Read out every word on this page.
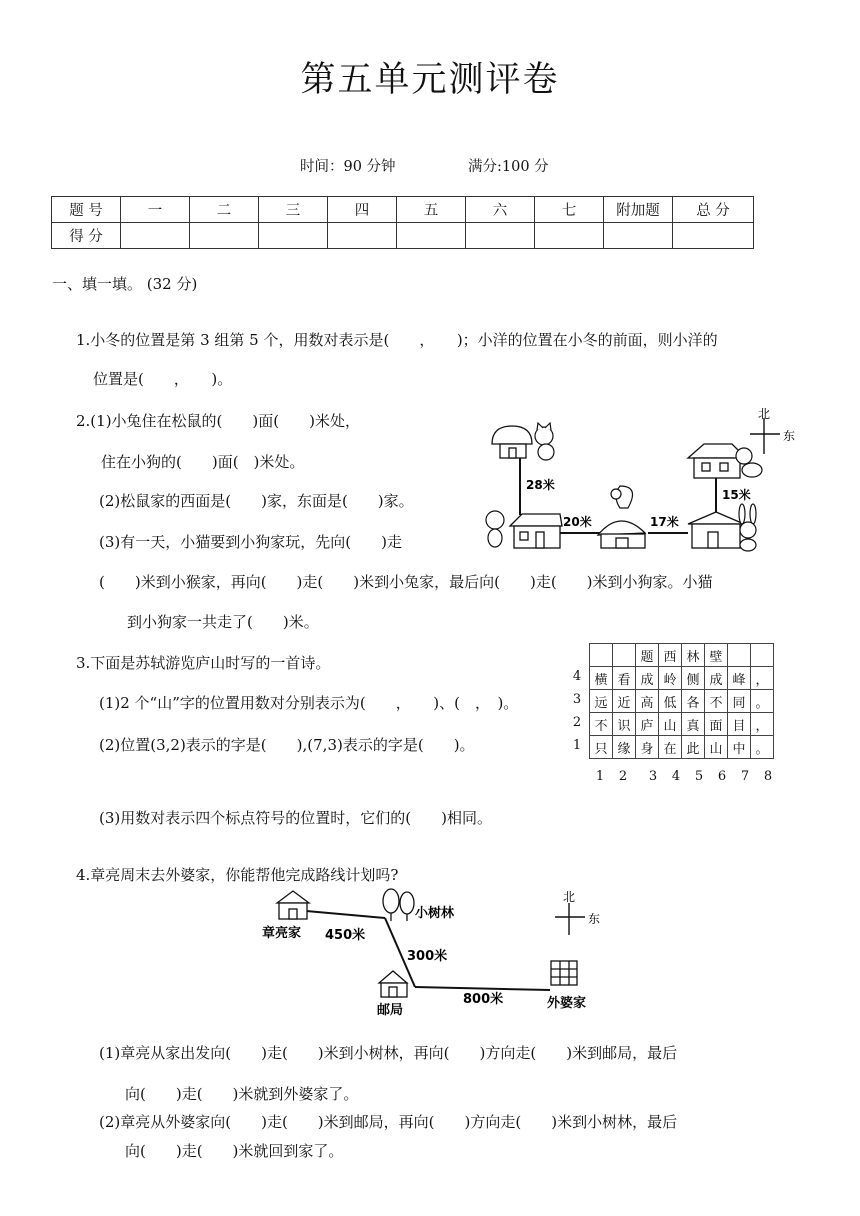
第五单元测评卷
时间：90 分钟	满分:100 分
题 号	一	二	三	四	五	六	七	附加题	总 分
得 分									
一、填一填。 (32 分)
1.小冬的位置是第 3 组第 5 个，用数对表示是(　　，　　)；小洋的位置在小冬的前面，则小洋的
位置是(　　，　　)。
2.(1)小兔住在松鼠的(　　)面(　　)米处，
住在小狗的(　　)面(　)米处。
(2)松鼠家的西面是(　　)家，东面是(　　)家。
(3)有一天，小猫要到小狗家玩，先向(　　)走
(　　)米到小猴家，再向(　　)走(　　)米到小兔家，最后向(　　)走(　　)米到小狗家。小猫
到小狗家一共走了(　　)米。
北
东
28米
20米	17米
15米
3.下面是苏轼游览庐山时写的一首诗。
(1)2 个“山”字的位置用数对分别表示为(　　，　　)、(　，　)。
(2)位置(3,2)表示的字是(　　),(7,3)表示的字是(　　)。
(3)用数对表示四个标点符号的位置时，它们的(　　)相同。
		题	西	林	壁		
横	看	成	岭	侧	成	峰	，
远	近	高	低	各	不	同	。
不	识	庐	山	真	面	目	，
只	缘	身	在	此	山	中	。
4
3
2
1
1 2 3 4 5 6 7 8
4.章亮周末去外婆家，你能帮他完成路线计划吗?
北
东
450米
300米
800米
章亮家
小树林
邮局	外婆家
(1)章亮从家出发向(　　)走(　　)米到小树林，再向(　　)方向走(　　)米到邮局，最后
向(　　)走(　　)米就到外婆家了。
(2)章亮从外婆家向(　　)走(　　)米到邮局，再向(　　)方向走(　　)米到小树林，最后
向(　　)走(　　)米就回到家了。
